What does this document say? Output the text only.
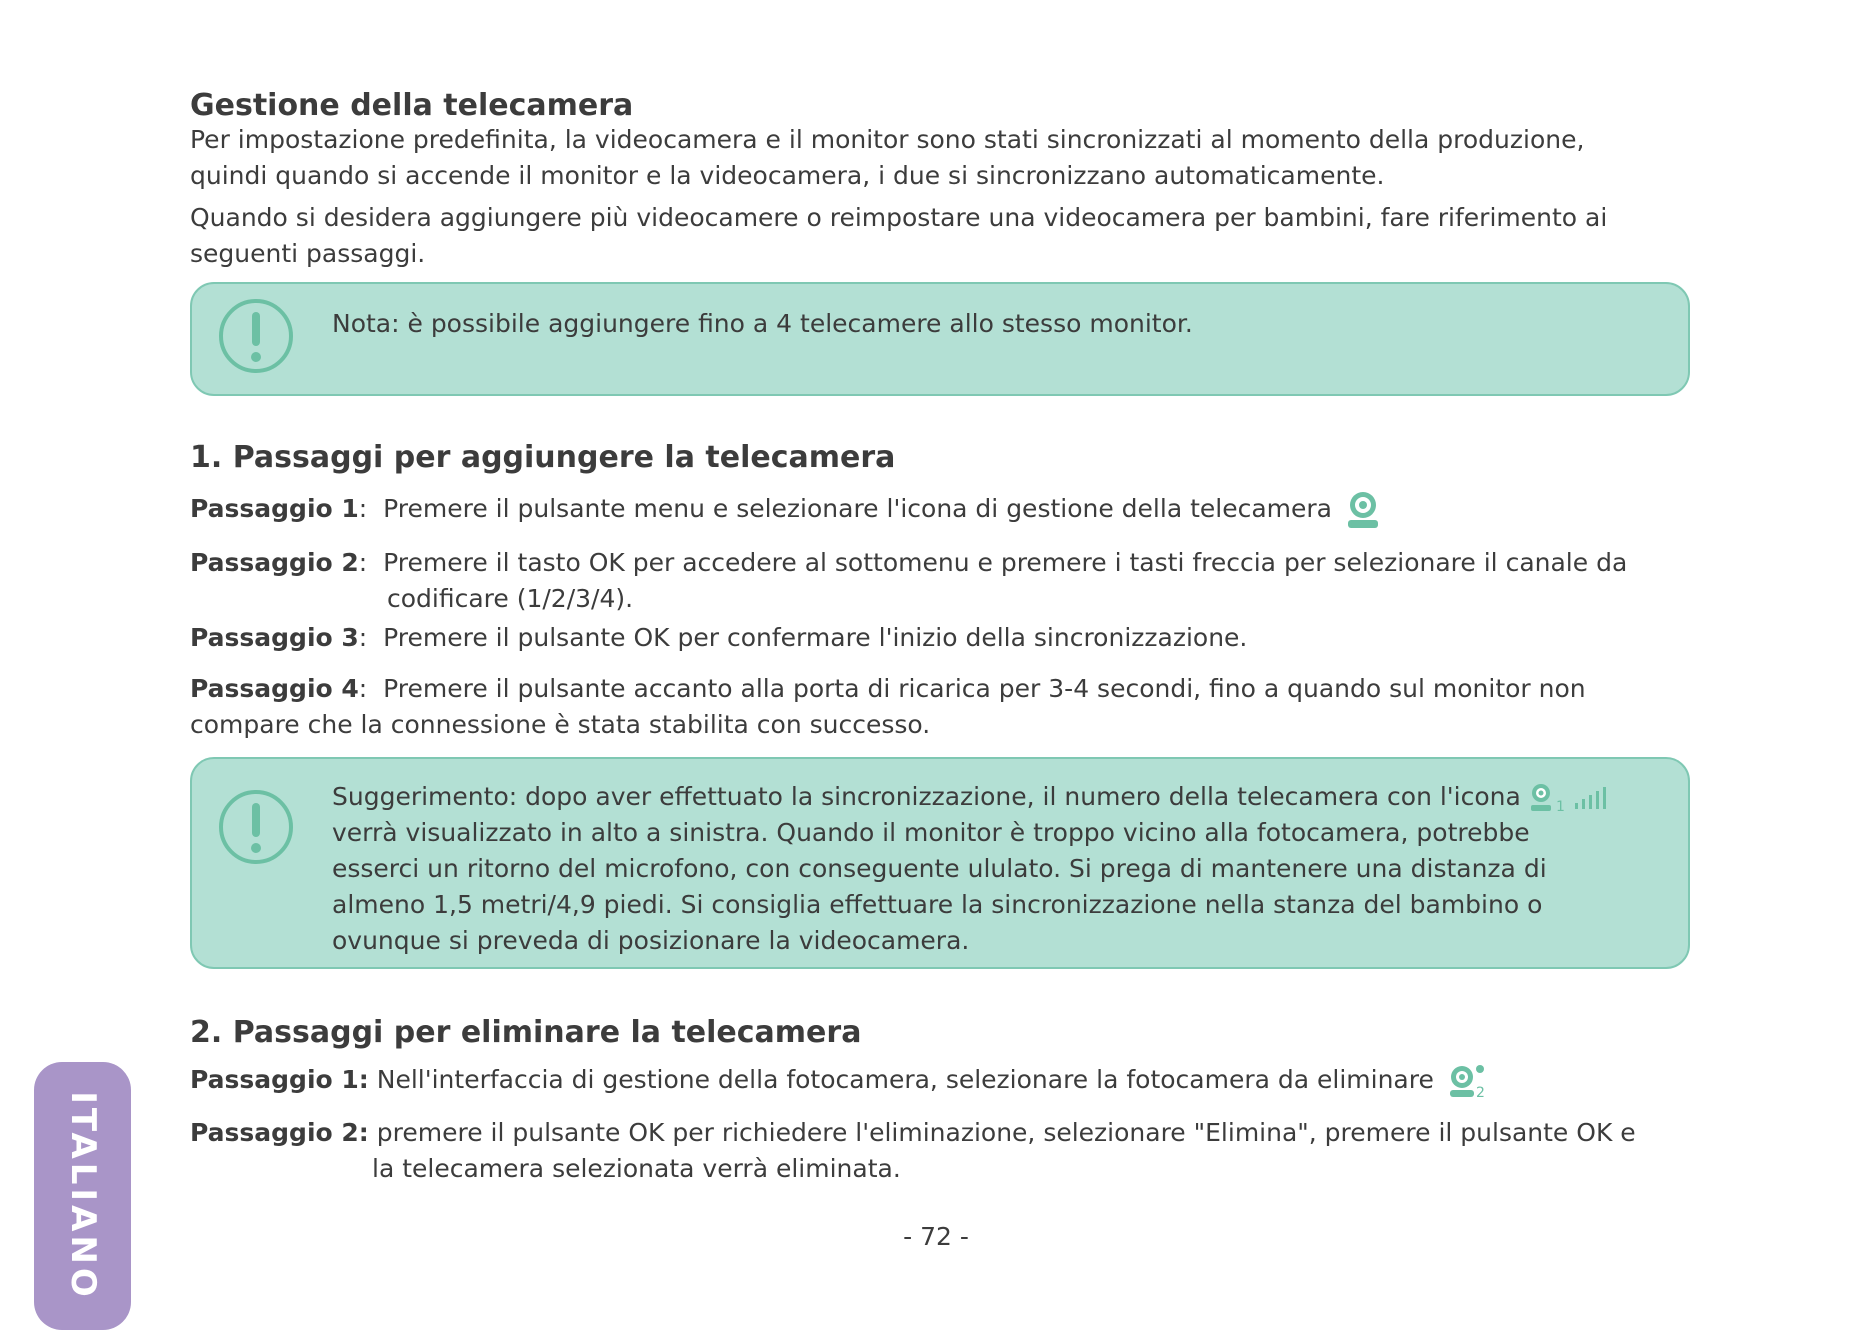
Gestione della telecamera
Per impostazione predefinita, la videocamera e il monitor sono stati sincronizzati al momento della produzione,
quindi quando si accende il monitor e la videocamera, i due si sincronizzano automaticamente.
Quando si desidera aggiungere più videocamere o reimpostare una videocamera per bambini, fare riferimento ai
seguenti passaggi.
Nota: è possibile aggiungere fino a 4 telecamere allo stesso monitor.
1. Passaggi per aggiungere la telecamera
Passaggio 1: Premere il pulsante menu e selezionare l'icona di gestione della telecamera
Passaggio 2: Premere il tasto OK per accedere al sottomenu e premere i tasti freccia per selezionare il canale da
codificare (1/2/3/4).
Passaggio 3: Premere il pulsante OK per confermare l'inizio della sincronizzazione.
Passaggio 4: Premere il pulsante accanto alla porta di ricarica per 3-4 secondi, fino a quando sul monitor non
compare che la connessione è stata stabilita con successo.
Suggerimento: dopo aver effettuato la sincronizzazione, il numero della telecamera con l'icona 1

verrà visualizzato in alto a sinistra. Quando il monitor è troppo vicino alla fotocamera, potrebbe
esserci un ritorno del microfono, con conseguente ululato. Si prega di mantenere una distanza di
almeno 1,5 metri/4,9 piedi. Si consiglia effettuare la sincronizzazione nella stanza del bambino o
ovunque si preveda di posizionare la videocamera.
2. Passaggi per eliminare la telecamera
Passaggio 1: Nell'interfaccia di gestione della fotocamera, selezionare la fotocamera da eliminare	2
Passaggio 2: premere il pulsante OK per richiedere l'eliminazione, selezionare "Elimina", premere il pulsante OK e
la telecamera selezionata verrà eliminata.
- 72 -
ITALIANO
